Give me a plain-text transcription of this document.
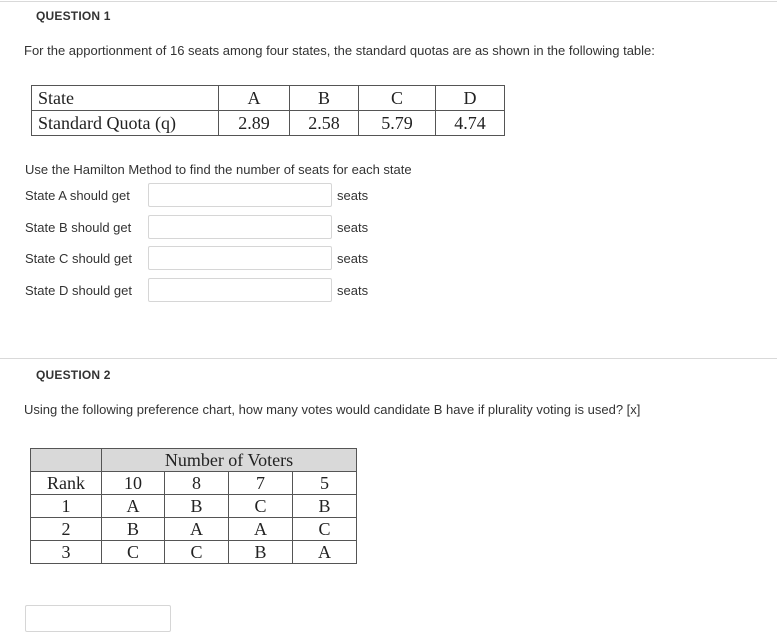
QUESTION 1
For the apportionment of 16 seats among four states, the standard quotas are as shown in the following table:
State	A	B	C	D
Standard Quota (q)	2.89	2.58	5.79	4.74
Use the Hamilton Method to find the number of seats for each state
State A should get	seats
State B should get	seats
State C should get	seats
State D should get	seats
QUESTION 2
Using the following preference chart, how many votes would candidate B have if plurality voting is used? [x]
	Number of Voters			
Rank	10	8	7	5
1	A	B	C	B
2	B	A	A	C
3	C	C	B	A
